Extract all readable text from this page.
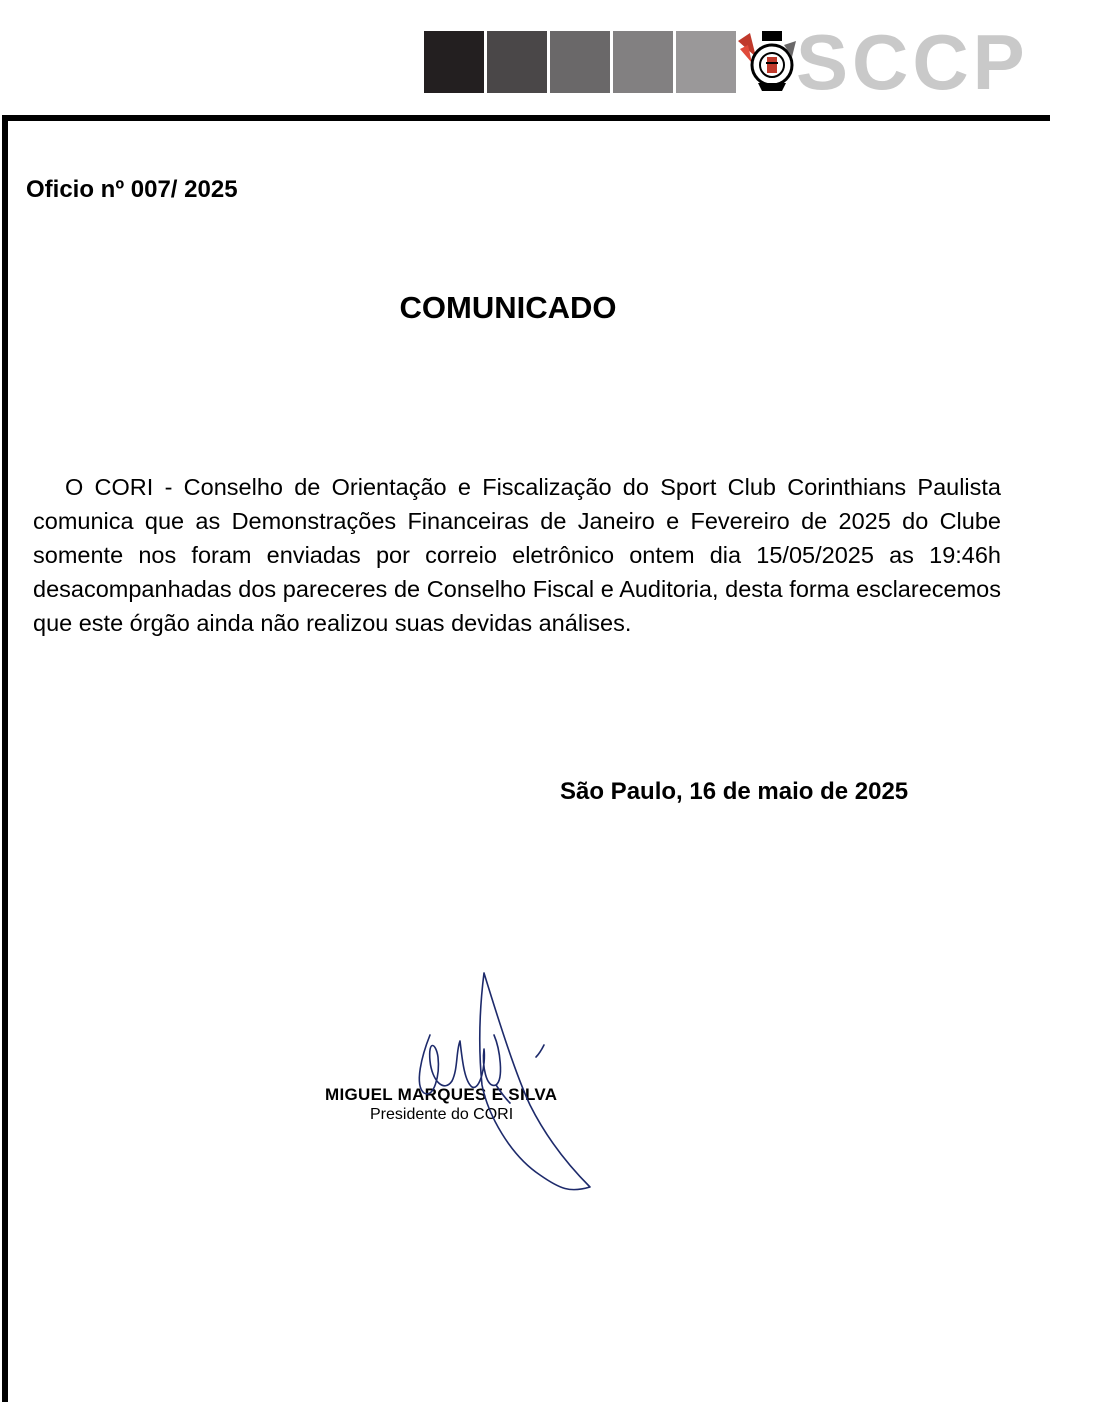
SCCP
Oficio nº 007/ 2025
COMUNICADO
O CORI - Conselho de Orientação e Fiscalização do Sport Club Corinthians Paulista comunica que as Demonstrações Financeiras de Janeiro e Fevereiro de 2025 do Clube somente nos foram enviadas por correio eletrônico ontem dia 15/05/2025 as 19:46h desacompanhadas dos pareceres de Conselho Fiscal e Auditoria, desta forma esclarecemos que este órgão ainda não realizou suas devidas análises.
São Paulo, 16 de maio de 2025
MIGUEL MARQUES E SILVA
Presidente do CORI
